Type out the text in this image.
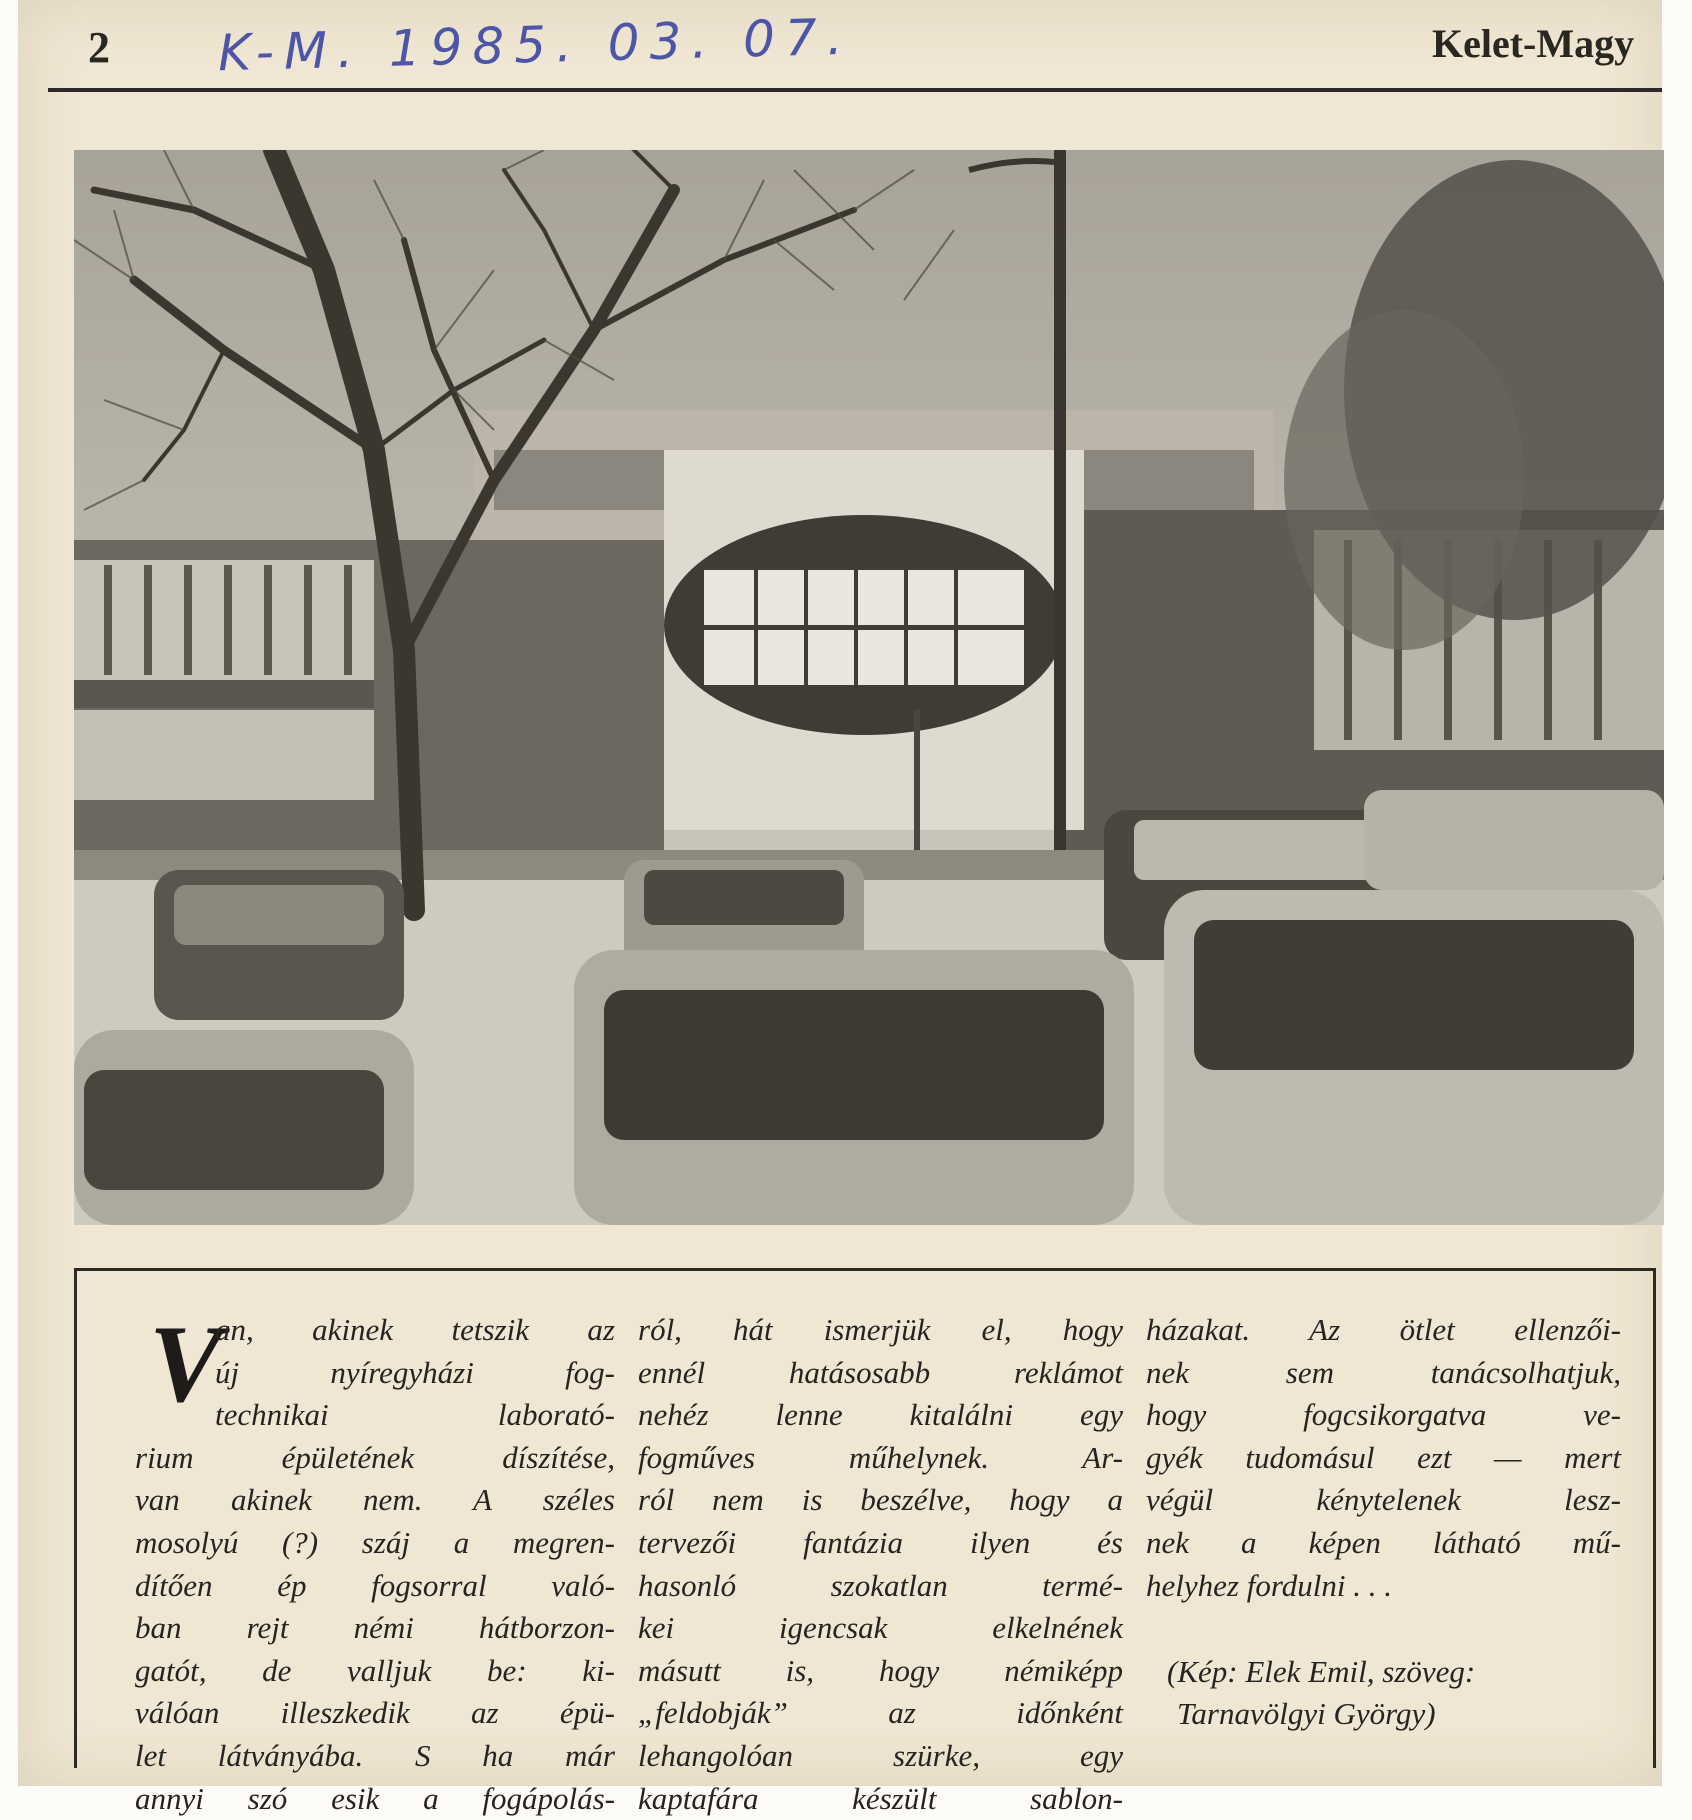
2 K-M. 1985. 03. 07.	Kelet-Magy
V
an, akinek tetszik az
új nyíregyházi fog-
technikai laborató-
rium épületének díszítése,
van akinek nem. A széles
mosolyú (?) száj a megren-
dítően ép fogsorral való-
ban rejt némi hátborzon-
gatót, de valljuk be: ki-
válóan illeszkedik az épü-
let látványába. S ha már
annyi szó esik a fogápolás-
ról, hát ismerjük el, hogy
ennél hatásosabb reklámot
nehéz lenne kitalálni egy
fogműves műhelynek. Ar-
ról nem is beszélve, hogy a
tervezői fantázia ilyen és
hasonló szokatlan termé-
kei igencsak elkelnének
másutt is, hogy némiképp
„feldobják” az időnként
lehangolóan szürke, egy
kaptafára készült sablon-
házakat. Az ötlet ellenzői-
nek sem tanácsolhatjuk,
hogy fogcsikorgatva ve-
gyék tudomásul ezt — mert
végül kénytelenek lesz-
nek a képen látható mű-
helyhez fordulni . . .
(Kép: Elek Emil, szöveg:
Tarnavölgyi György)
